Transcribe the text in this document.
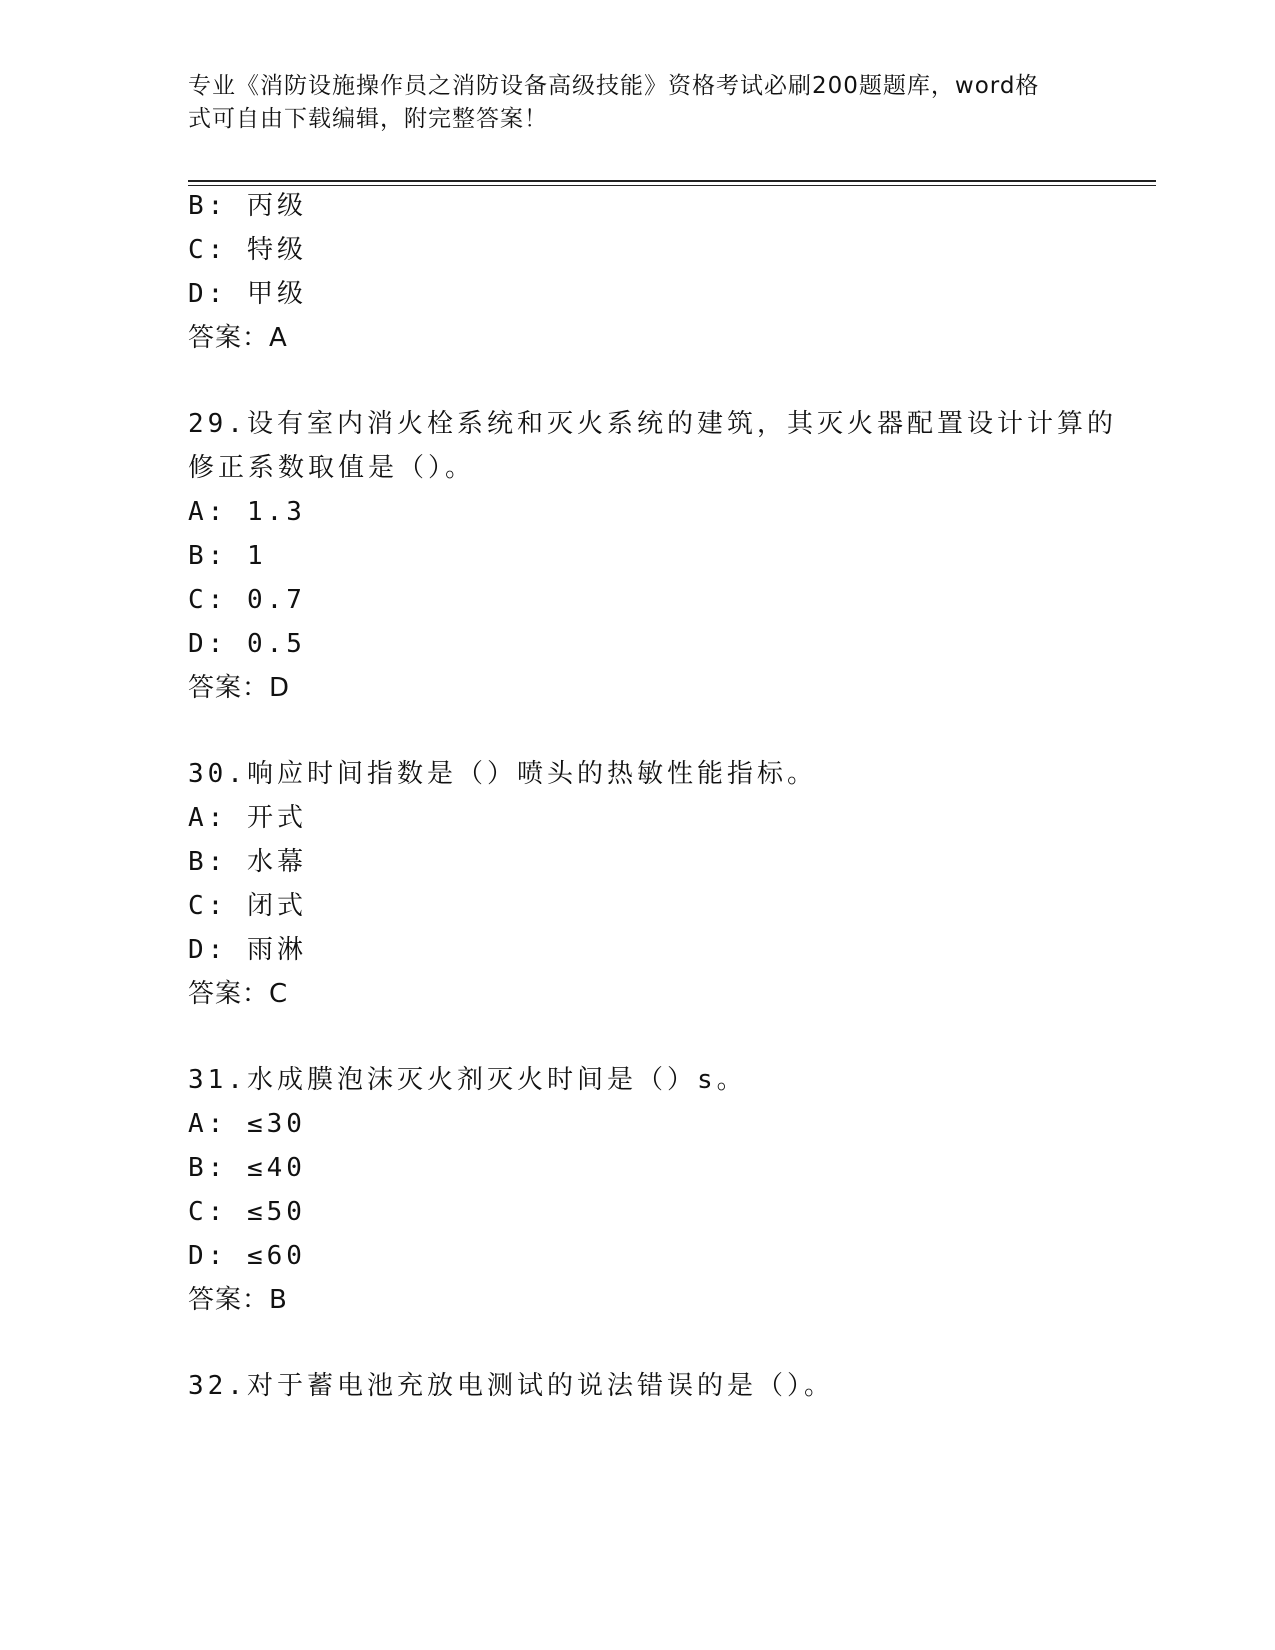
专业《消防设施操作员之消防设备高级技能》资格考试必刷200题题库，word格
式可自由下载编辑，附完整答案！
B: 丙级
C: 特级
D: 甲级
答案：A
29.设有室内消火栓系统和灭火系统的建筑，其灭火器配置设计计算的
修正系数取值是（）。
A: 1.3
B: 1
C: 0.7
D: 0.5
答案：D
30.响应时间指数是（）喷头的热敏性能指标。
A: 开式
B: 水幕
C: 闭式
D: 雨淋
答案：C
31.水成膜泡沫灭火剂灭火时间是（）s。
A: ≤30
B: ≤40
C: ≤50
D: ≤60
答案：B
32.对于蓄电池充放电测试的说法错误的是（）。
